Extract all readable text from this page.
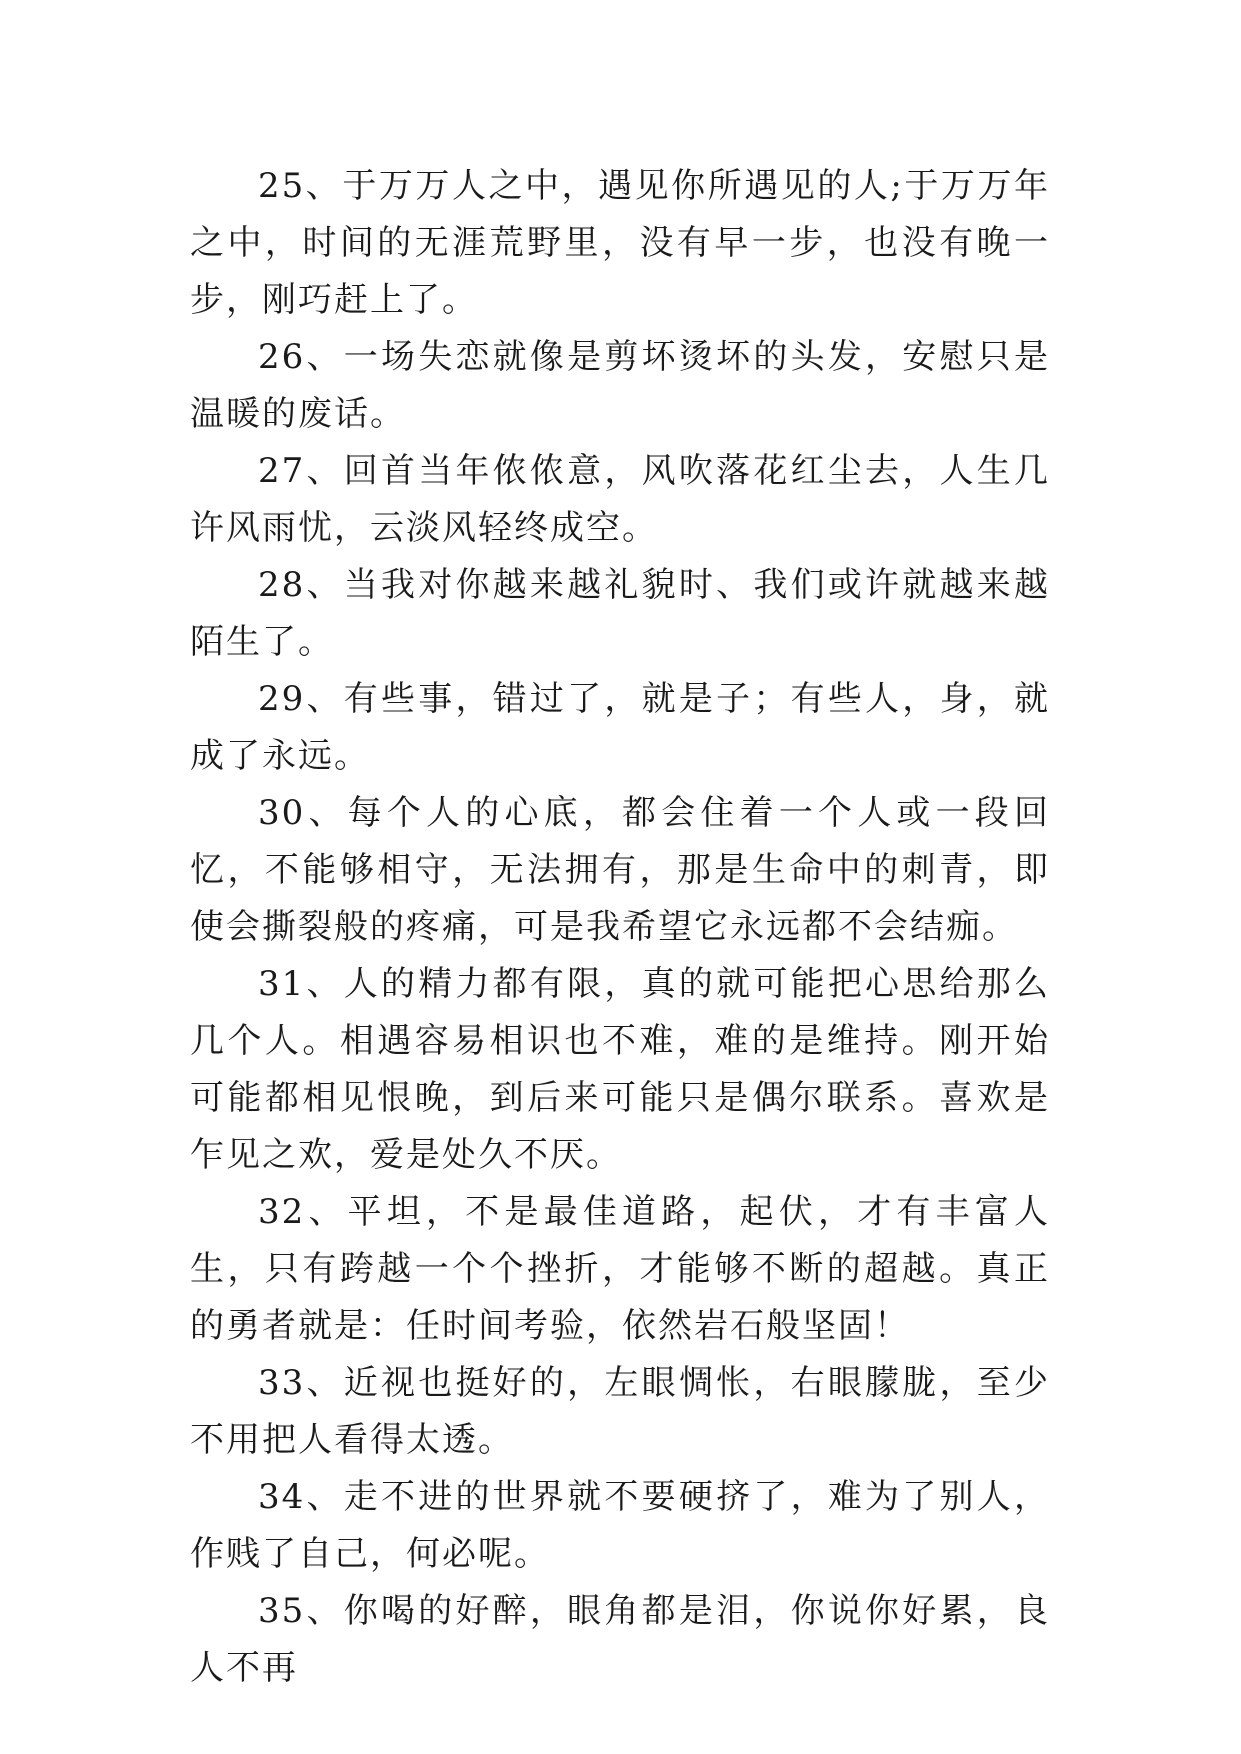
25、于万万人之中，遇见你所遇见的人;于万万年之中，时间的无涯荒野里，没有早一步，也没有晚一步，刚巧赶上了。

26、一场失恋就像是剪坏烫坏的头发，安慰只是温暖的废话。

27、回首当年侬侬意，风吹落花红尘去，人生几许风雨忧，云淡风轻终成空。

28、当我对你越来越礼貌时、我们或许就越来越陌生了。

29、有些事，错过了，就是子；有些人，身，就成了永远。

30、每个人的心底，都会住着一个人或一段回忆，不能够相守，无法拥有，那是生命中的刺青，即使会撕裂般的疼痛，可是我希望它永远都不会结痂。

31、人的精力都有限，真的就可能把心思给那么几个人。相遇容易相识也不难，难的是维持。刚开始可能都相见恨晚，到后来可能只是偶尔联系。喜欢是乍见之欢，爱是处久不厌。

32、平坦，不是最佳道路，起伏，才有丰富人生，只有跨越一个个挫折，才能够不断的超越。真正的勇者就是：任时间考验，依然岩石般坚固！

33、近视也挺好的，左眼惆怅，右眼朦胧，至少不用把人看得太透。

34、走不进的世界就不要硬挤了，难为了别人，作贱了自己，何必呢。

35、你喝的好醉，眼角都是泪，你说你好累，良人不再
